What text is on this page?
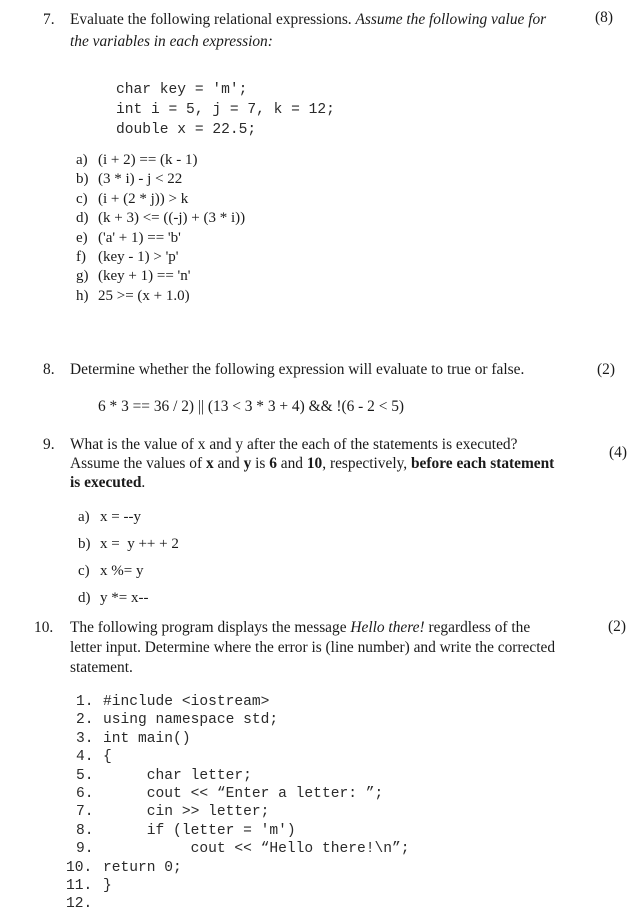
7. Evaluate the following relational expressions. Assume the following value for
the variables in each expression:
(8)
char key = 'm';
int i = 5, j = 7, k = 12;
double x = 22.5;
a) (i + 2) == (k - 1)
b) (3 * i) - j < 22
c) (i + (2 * j)) > k
d) (k + 3) <= ((-j) + (3 * i))
e) ('a' + 1) == 'b'
f) (key - 1) > 'p'
g) (key + 1) == 'n'
h) 25 >= (x + 1.0)
8. Determine whether the following expression will evaluate to true or false.	(2)
6 * 3 == 36 / 2) || (13 < 3 * 3 + 4) && !(6 - 2 < 5)
9. What is the value of x and y after the each of the statements is executed?
Assume the values of x and y is 6 and 10, respectively, before each statement
is executed.
(4)
a) x = --y
b) x =  y ++ + 2
c) x %= y
d) y *= x--
10. The following program displays the message Hello there! regardless of the
letter input. Determine where the error is (line number) and write the corrected
statement.
(2)
1. #include <iostream>
2. using namespace std;
3. int main()
4. {
5.     char letter;
6.     cout << “Enter a letter: ”;
7.     cin >> letter;
8.     if (letter = 'm')
9.          cout << “Hello there!\n”;
10. return 0;
11. }
12.
